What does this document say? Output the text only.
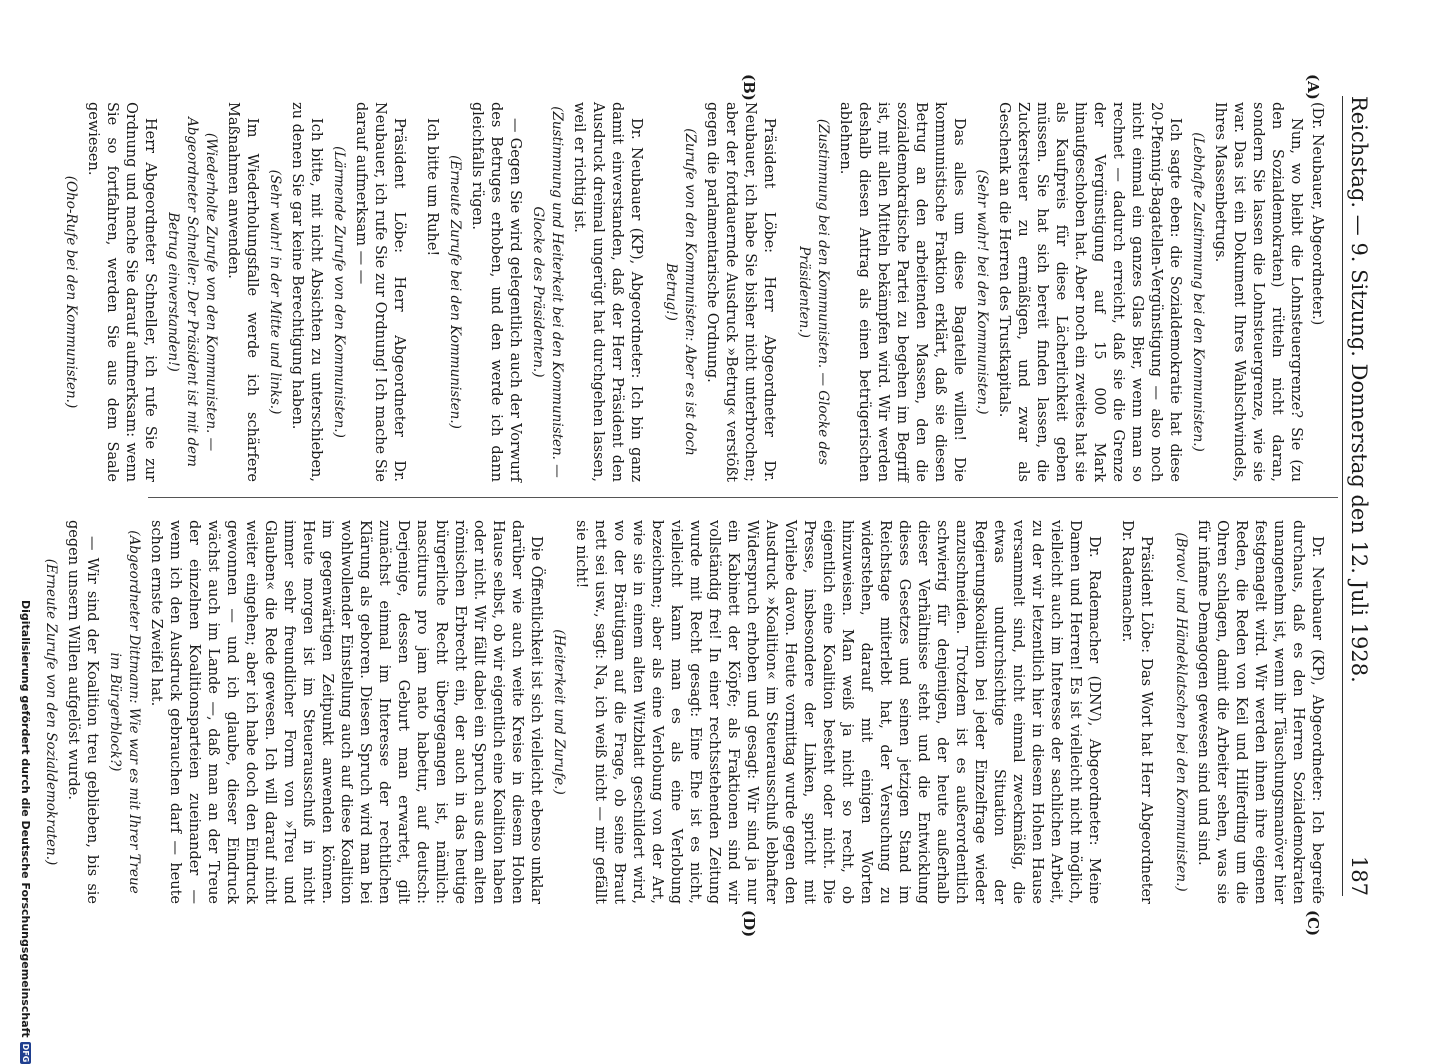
Reichstag. — 9. Sitzung. Donnerstag den 12. Juli 1928.
187
(A)
(B)
(C)
(D)

(Dr. Neubauer, Abgeordneter.)

Nun, wo bleibt die Lohnsteuergrenze? Sie (zu den Sozialdemokraten) rütteln nicht daran, sondern Sie lassen die Lohnsteuergrenze, wie sie war. Das ist ein Dokument Ihres Wahlschwindels, Ihres Massenbetrugs.

(Lebhafte Zustimmung bei den Kommunisten.)

Ich sagte eben: die Sozialdemokratie hat diese 20-Pfennig-Bagatellen-Vergünstigung — also noch nicht einmal ein ganzes Glas Bier, wenn man so rechnet — dadurch erreicht, daß sie die Grenze der Vergünstigung auf 15 000 Mark hinaufgeschoben hat. Aber noch ein zweites hat sie als Kaufpreis für diese Lächerlichkeit geben müssen. Sie hat sich bereit finden lassen, die Zuckersteuer zu ermäßigen, und zwar als Geschenk an die Herren des Trustkapitals.

(Sehr wahr! bei den Kommunisten.)

Das alles um diese Bagatelle willen! Die kommunistische Fraktion erklärt, daß sie diesen Betrug an den arbeitenden Massen, den die sozialdemokratische Partei zu begehen im Begriff ist, mit allen Mitteln bekämpfen wird. Wir werden deshalb diesen Antrag als einen betrügerischen ablehnen.

(Zustimmung bei den Kommunisten. — Glocke des Präsidenten.)

Präsident Löbe: Herr Abgeordneter Dr. Neubauer, ich habe Sie bisher nicht unterbrochen; aber der fortdauernde Ausdruck »Betrug« verstößt gegen die parlamentarische Ordnung.

(Zurufe von den Kommunisten: Aber es ist doch Betrug!)

Dr. Neubauer (KP), Abgeordneter: Ich bin ganz damit einverstanden, daß der Herr Präsident den Ausdruck dreimal ungerügt hat durchgehen lassen, weil er richtig ist.

(Zustimmung und Heiterkeit bei den Kommunisten. — Glocke des Präsidenten.)

— Gegen Sie wird gelegentlich auch der Vorwurf des Betruges erhoben, und den werde ich dann gleichfalls rügen.

(Erneute Zurufe bei den Kommunisten.)

Ich bitte um Ruhe!

Präsident Löbe: Herr Abgeordneter Dr. Neubauer, ich rufe Sie zur Ordnung! Ich mache Sie darauf aufmerksam — —

(Lärmende Zurufe von den Kommunisten.)

Ich bitte, mit nicht Absichten zu unterschieben, zu denen Sie gar keine Berechtigung haben.

(Sehr wahr! in der Mitte und links.)

Im Wiederholungsfalle werde ich schärfere Maßnahmen anwenden.

(Wiederholte Zurufe von den Kommunisten. — Abgeordneter Schneller: Der Präsident ist mit dem Betrug einverstanden!)

Herr Abgeordneter Schneller, ich rufe Sie zur Ordnung und mache Sie darauf aufmerksam: wenn Sie so fortfahren, werden Sie aus dem Saale gewiesen.

(Oho-Rufe bei den Kommunisten.)

Dr. Neubauer (KP), Abgeordneter: Ich begreife durchaus, daß es den Herren Sozialdemokraten unangenehm ist, wenn ihr Täuschungsmanöver hier festgenagelt wird. Wir werden ihnen ihre eigenen Reden, die Reden von Keil und Hilferding um die Ohren schlagen, damit die Arbeiter sehen, was sie für infame Demagogen gewesen sind und sind.

(Bravo! und Händeklatschen bei den Kommunisten.)

Präsident Löbe: Das Wort hat Herr Abgeordneter Dr. Rademacher.

Dr. Rademacher (DNV), Abgeordneter: Meine Damen und Herren! Es ist vielleicht nicht möglich, vielleicht auch im Interesse der sachlichen Arbeit, zu der wir letzentlich hier in diesem Hohen Hause versammelt sind, nicht einmal zweckmäßig, die etwas undurchsichtige Situation der Regierungskoalition bei jeder Einzelfrage wieder anzuschneiden. Trotzdem ist es außerordentlich schwierig für denjenigen, der heute außerhalb dieser Verhältnisse steht und die Entwicklung dieses Gesetzes und seinen jetzigen Stand im Reichstage miterlebt hat, der Versuchung zu widerstehen, darauf mit einigen Worten hinzuweisen. Man weiß ja nicht so recht, ob eigentlich eine Koalition besteht oder nicht. Die Presse, insbesondere der Linken, spricht mit Vorliebe davon. Heute vormittag wurde gegen den Ausdruck »Koalition« im Steuerausschuß lebhafter Widerspruch erhoben und gesagt: Wir sind ja nur ein Kabinett der Köpfe; als Fraktionen sind wir vollständig frei! In einer rechtsstehenden Zeitung wurde mit Recht gesagt: Eine Ehe ist es nicht, vielleicht kann man es als eine Verlobung bezeichnen; aber als eine Verlobung von der Art, wie sie in einem alten Witzblatt geschildert wird, wo der Bräutigam auf die Frage, ob seine Braut nett sei usw., sagt: Na, ich weiß nicht — mir gefällt sie nicht!

(Heiterkeit und Zurufe.)

Die Öffentlichkeit ist sich vielleicht ebenso unklar darüber wie auch weite Kreise in diesem Hohen Hause selbst, ob wir eigentlich eine Koalition haben oder nicht. Wir fällt dabei ein Spruch aus dem alten römischen Erbrecht ein, der auch in das heutige bürgerliche Recht übergegangen ist, nämlich: nasciturus pro jam nato habetur, auf deutsch: Derjenige, dessen Geburt man erwartet, gilt zunächst einmal im Interesse der rechtlichen Klärung als geboren. Diesen Spruch wird man bei wohlwollender Einstellung auch auf diese Koalition im gegenwärtigen Zeitpunkt anwenden können. Heute morgen ist im Steuerausschuß in nicht immer sehr freundlicher Form von »Treu und Glauben« die Rede gewesen. Ich will darauf nicht weiter eingehen; aber ich habe doch den Eindruck gewonnen — und ich glaube, dieser Eindruck wächst auch im Lande —, daß man an der Treue der einzelnen Koalitionsparteien zueinander — wenn ich den Ausdruck gebrauchen darf — heute schon ernste Zweifel hat.

(Abgeordneter Dittmann: Wie war es mit Ihrer Treue im Bürgerblock?)

— Wir sind der Koalition treu geblieben, bis sie gegen unsern Willen aufgelöst wurde.

(Erneute Zurufe von den Sozialdemokraten.)

Digitalisierung gefördert durch die Deutsche Forschungsgemeinschaft
DFG
